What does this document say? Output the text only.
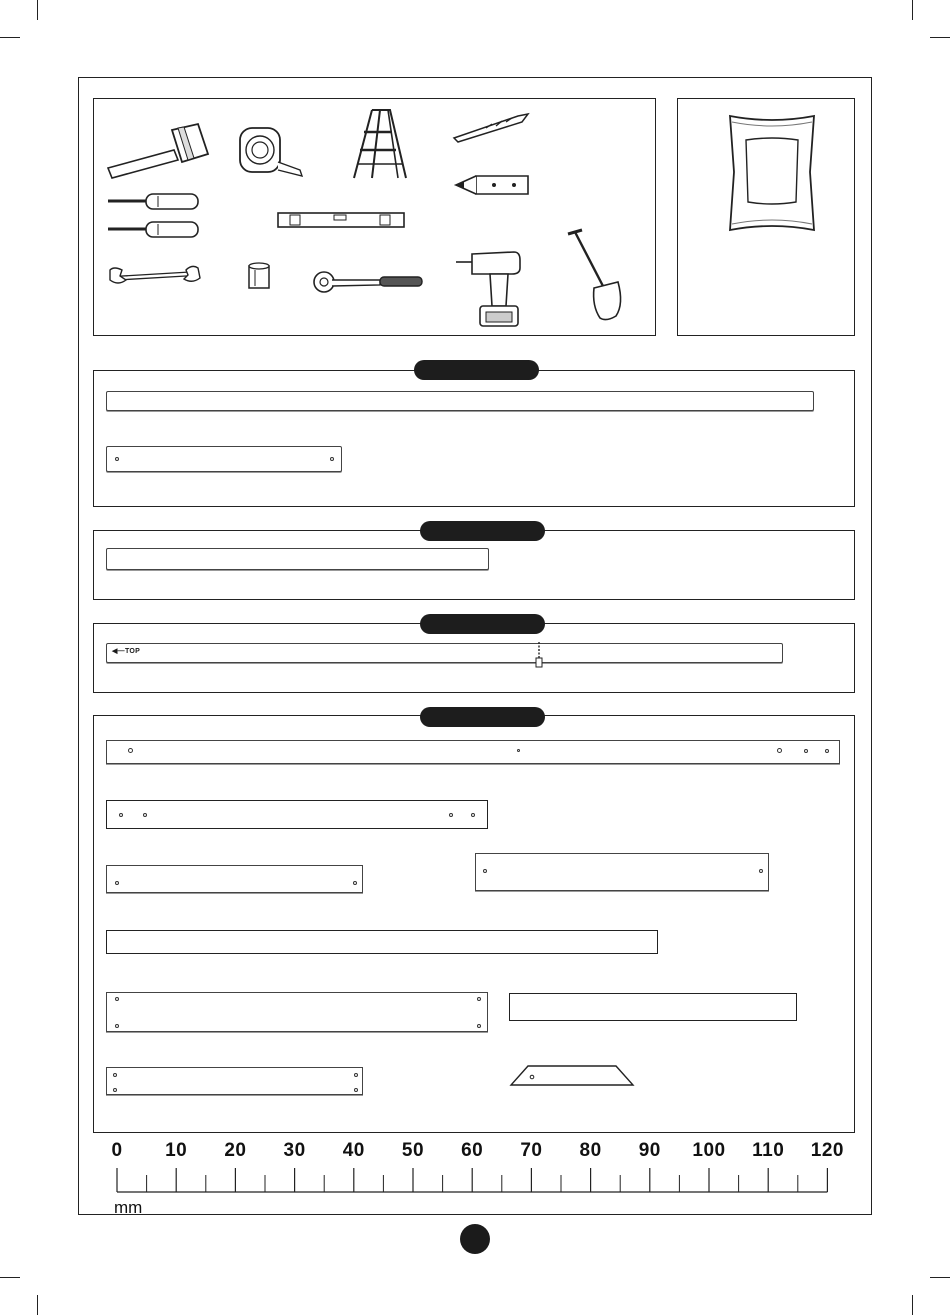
◀—TOP
0 10 20 30 40 50 60 70 80 90 100 110 120
mm
